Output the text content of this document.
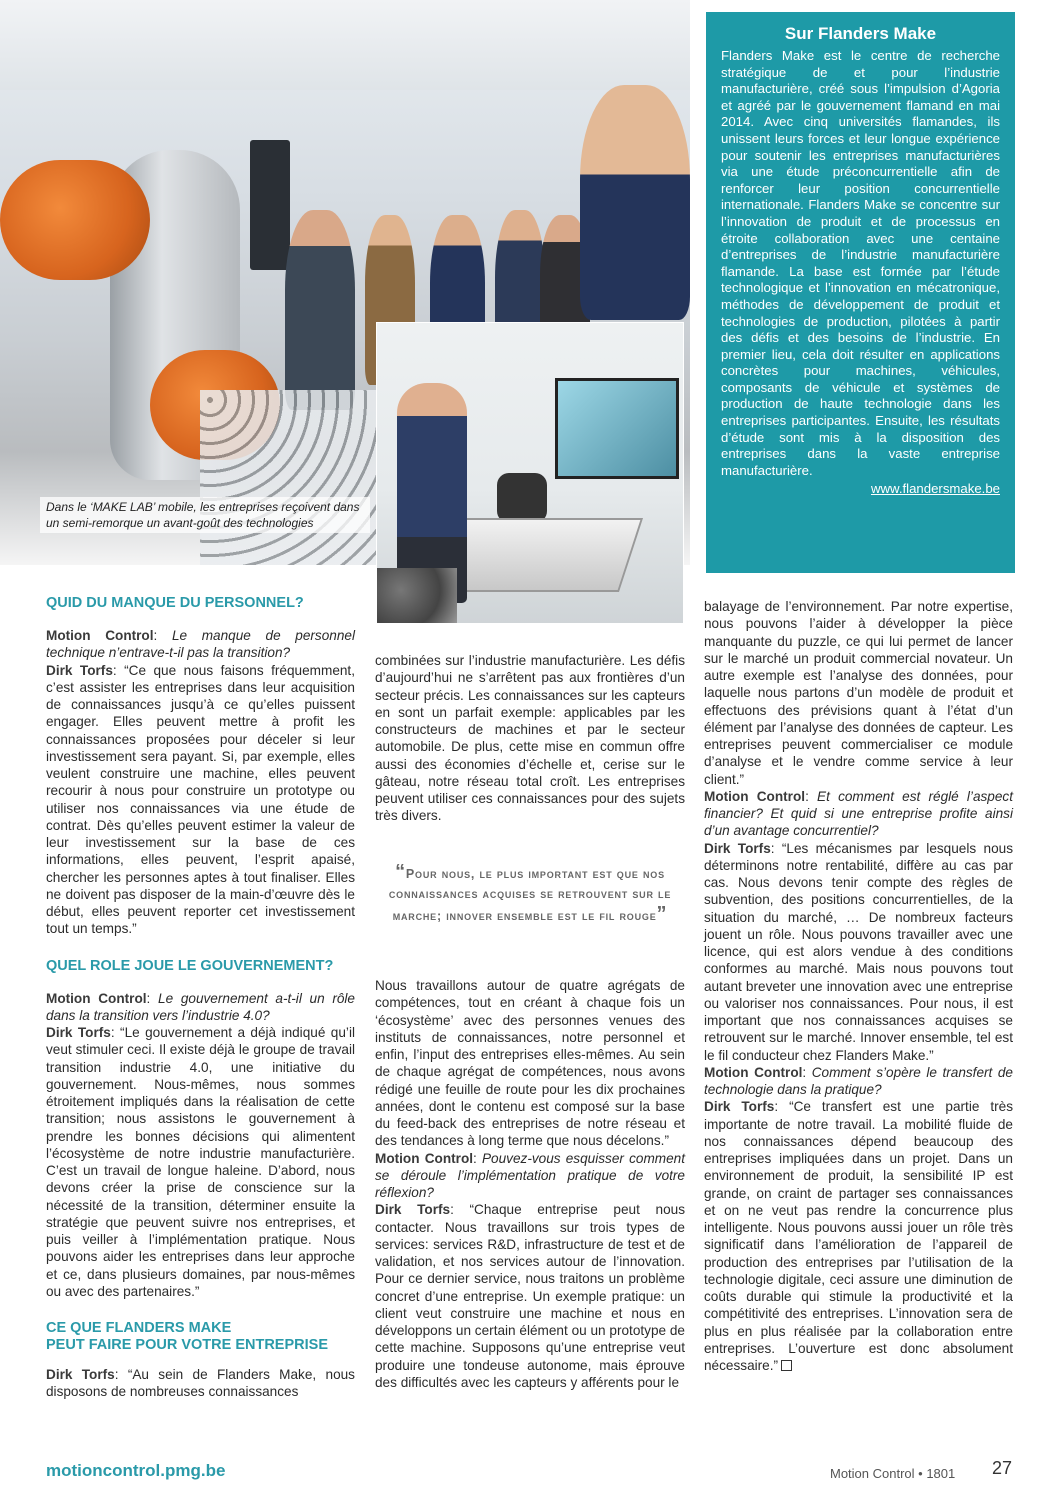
Dans le ‘MAKE LAB’ mobile, les entreprises reçoivent dans un semi-remorque un avant-goût des technologies
Sur Flanders Make

Flanders Make est le centre de recherche stratégique de et pour l’industrie manufacturière, créé sous l’impulsion d’Agoria et agréé par le gouvernement flamand en mai 2014. Avec cinq universités flamandes, ils unissent leurs forces et leur longue expérience pour soutenir les entreprises manufacturières via une étude préconcurrentielle afin de renforcer leur position concurrentielle internationale. Flanders Make se concentre sur l’innovation de produit et de processus en étroite collaboration avec une centaine d’entreprises de l’industrie manufacturière flamande. La base est formée par l’étude technologique et l’innovation en mécatronique, méthodes de développement de produit et technologies de production, pilotées à partir des défis et des besoins de l’industrie. En premier lieu, cela doit résulter en applications concrètes pour machines, véhicules, composants de véhicule et systèmes de production de haute technologie dans les entreprises participantes. Ensuite, les résultats d’étude sont mis à la disposition des entreprises dans la vaste entreprise manufacturière.

www.flandersmake.be
QUID DU MANQUE DU PERSONNEL?

Motion Control: Le manque de personnel technique n’entrave-t-il pas la transition?

Dirk Torfs: “Ce que nous faisons fréquemment, c’est assister les entreprises dans leur acquisition de connaissances jusqu’à ce qu’elles puissent engager. Elles peuvent mettre à profit les connaissances proposées pour déceler si leur investissement sera payant. Si, par exemple, elles veulent construire une machine, elles peuvent recourir à nous pour construire un prototype ou utiliser nos connaissances via une étude de contrat. Dès qu’elles peuvent estimer la valeur de leur investissement sur la base de ces informations, elles peuvent, l’esprit apaisé, chercher les personnes aptes à tout finaliser. Elles ne doivent pas disposer de la main-d’œuvre dès le début, elles peuvent reporter cet investissement tout un temps.”

QUEL ROLE JOUE LE GOUVERNEMENT?

Motion Control: Le gouvernement a-t-il un rôle dans la transition vers l’industrie 4.0?

Dirk Torfs: “Le gouvernement a déjà indiqué qu’il veut stimuler ceci. Il existe déjà le groupe de travail transition industrie 4.0, une initiative du gouvernement. Nous-mêmes, nous sommes étroitement impliqués dans la réalisation de cette transition; nous assistons le gouvernement à prendre les bonnes décisions qui alimentent l’écosystème de notre industrie manufacturière. C’est un travail de longue haleine. D’abord, nous devons créer la prise de conscience sur la nécessité de la transition, déterminer ensuite la stratégie que peuvent suivre nos entreprises, et puis veiller à l’implémentation pratique. Nous pouvons aider les entreprises dans leur approche et ce, dans plusieurs domaines, par nous-mêmes ou avec des partenaires.”

CE QUE FLANDERS MAKE
PEUT FAIRE POUR VOTRE ENTREPRISE

Dirk Torfs: “Au sein de Flanders Make, nous disposons de nombreuses connaissances

combinées sur l’industrie manufacturière. Les défis d’aujourd’hui ne s’arrêtent pas aux frontières d’un secteur précis. Les connaissances sur les capteurs en sont un parfait exemple: applicables par les constructeurs de machines et par le secteur automobile. De plus, cette mise en commun offre aussi des économies d’échelle et, cerise sur le gâteau, notre réseau total croît. Les entreprises peuvent utiliser ces connaissances pour des sujets très divers.

“Pour nous, le plus important est que nos connaissances acquises se retrouvent sur le marche; innover ensemble est le fil rouge”

Nous travaillons autour de quatre agrégats de compétences, tout en créant à chaque fois un ‘écosystème’ avec des personnes venues des instituts de connaissances, notre personnel et enfin, l’input des entreprises elles-mêmes. Au sein de chaque agrégat de compétences, nous avons rédigé une feuille de route pour les dix prochaines années, dont le contenu est composé sur la base du feed-back des entreprises de notre réseau et des tendances à long terme que nous décelons.”

Motion Control: Pouvez-vous esquisser comment se déroule l’implémentation pratique de votre réflexion?

Dirk Torfs: “Chaque entreprise peut nous contacter. Nous travaillons sur trois types de services: services R&D, infrastructure de test et de validation, et nos services autour de l’innovation. Pour ce dernier service, nous traitons un problème concret d’une entreprise. Un exemple pratique: un client veut construire une machine et nous en développons un certain élément ou un prototype de cette machine. Supposons qu’une entreprise veut produire une tondeuse autonome, mais éprouve des difficultés avec les capteurs y afférents pour le

balayage de l’environnement. Par notre expertise, nous pouvons l’aider à développer la pièce manquante du puzzle, ce qui lui permet de lancer sur le marché un produit commercial novateur. Un autre exemple est l’analyse des données, pour laquelle nous partons d’un modèle de produit et effectuons des prévisions quant à l’état d’un élément par l’analyse des données de capteur. Les entreprises peuvent commercialiser ce module d’analyse et le vendre comme service à leur client.”

Motion Control: Et comment est réglé l’aspect financier? Et quid si une entreprise profite ainsi d’un avantage concurrentiel?

Dirk Torfs: “Les mécanismes par lesquels nous déterminons notre rentabilité, diffère au cas par cas. Nous devons tenir compte des règles de subvention, des positions concurrentielles, de la situation du marché, … De nombreux facteurs jouent un rôle. Nous pouvons travailler avec une licence, qui est alors vendue à des conditions conformes au marché. Mais nous pouvons tout autant breveter une innovation avec une entreprise ou valoriser nos connaissances. Pour nous, il est important que nos connaissances acquises se retrouvent sur le marché. Innover ensemble, tel est le fil conducteur chez Flanders Make.”

Motion Control: Comment s’opère le transfert de technologie dans la pratique?

Dirk Torfs: “Ce transfert est une partie très importante de notre travail. La mobilité fluide de nos connaissances dépend beaucoup des entreprises impliquées dans un projet. Dans un environnement de produit, la sensibilité IP est grande, on craint de partager ses connaissances et on ne veut pas rendre la concurrence plus intelligente. Nous pouvons aussi jouer un rôle très significatif dans l’amélioration de l’appareil de production des entreprises par l’utilisation de la technologie digitale, ceci assure une diminution de coûts durable qui stimule la productivité et la compétitivité des entreprises. L’innovation sera de plus en plus réalisée par la collaboration entre entreprises. L’ouverture est donc absolument nécessaire.”

motioncontrol.pmg.be	Motion Control • 1801 27
